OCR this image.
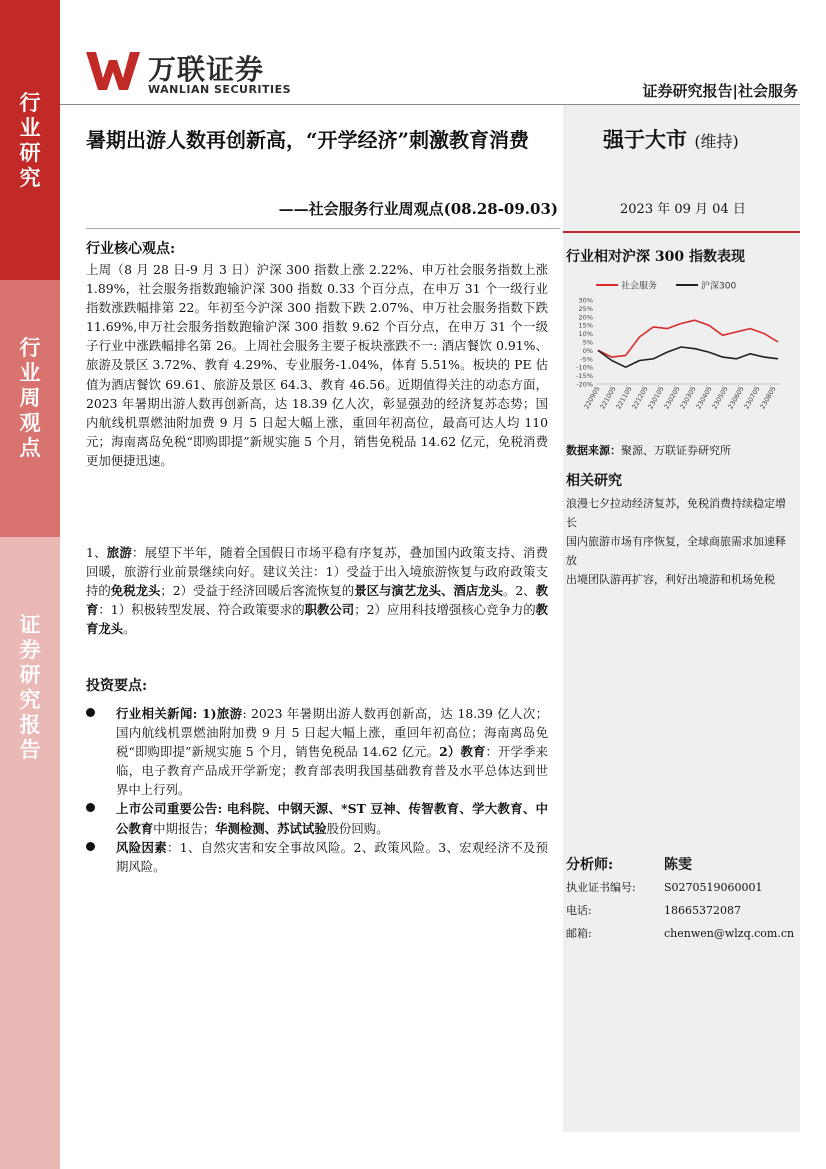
行业研究
行业周观点
证券研究报告
万联证券
WANLIAN SECURITIES	证券研究报告|社会服务
强于大市 (维持)
2023 年 09 月 04 日
暑期出游人数再创新高，“开学经济”刺激教育消费
——社会服务行业周观点(08.28-09.03)
行业核心观点:
上周（8 月 28 日-9 月 3 日）沪深 300 指数上涨 2.22%、申万社会服务指数上涨 1.89%，社会服务指数跑输沪深 300 指数 0.33 个百分点，在申万 31 个一级行业指数涨跌幅排第 22。年初至今沪深 300 指数下跌 2.07%、申万社会服务指数下跌 11.69%,申万社会服务指数跑输沪深 300 指数 9.62 个百分点，在申万 31 个一级子行业中涨跌幅排名第 26。上周社会服务主要子板块涨跌不一: 酒店餐饮 0.91%、旅游及景区 3.72%、教育 4.29%、专业服务-1.04%，体育 5.51%。板块的 PE 估值为酒店餐饮 69.61、旅游及景区 64.3、教育 46.56。近期值得关注的动态方面，2023 年暑期出游人数再创新高，达 18.39 亿人次，彰显强劲的经济复苏态势；国内航线机票燃油附加费 9 月 5 日起大幅上涨，重回年初高位，最高可达人均 110 元；海南离岛免税“即购即提”新规实施 5 个月，销售免税品 14.62 亿元，免税消费更加便捷迅速。
1、旅游：展望下半年，随着全国假日市场平稳有序复苏，叠加国内政策支持、消费回暖，旅游行业前景继续向好。建议关注：1）受益于出入境旅游恢复与政府政策支持的免税龙头；2）受益于经济回暖后客流恢复的景区与演艺龙头、酒店龙头。2、教育：1）积极转型发展、符合政策要求的职教公司；2）应用科技增强核心竞争力的教育龙头。
投资要点:
行业相关新闻: 1)旅游: 2023 年暑期出游人数再创新高，达 18.39 亿人次；国内航线机票燃油附加费 9 月 5 日起大幅上涨，重回年初高位；海南离岛免税“即购即提”新规实施 5 个月，销售免税品 14.62 亿元。2）教育：开学季来临，电子教育产品成开学新宠；教育部表明我国基础教育普及水平总体达到世界中上行列。
上市公司重要公告: 电科院、中钢天源、*ST 豆神、传智教育、学大教育、中公教育中期报告；华测检测、苏试试验股份回购。
风险因素：1、自然灾害和安全事故风险。2、政策风险。3、宏观经济不及预期风险。
行业相对沪深 300 指数表现
社会服务	沪深300
30%
25%
20%
15%
10%
5%
0%
-5%
-10%
-15%
-20%
220905
221005
221105
221205
230105
230205
230305
230405
230505
230605
230705
230805
数据来源：聚源、万联证券研究所
相关研究
浪漫七夕拉动经济复苏，免税消费持续稳定增长
国内旅游市场有序恢复，全球商旅需求加速释放
出境团队游再扩容，利好出境游和机场免税
分析师:	陈雯
执业证书编号:	S0270519060001
电话:	18665372087
邮箱:	chenwen@wlzq.com.cn
